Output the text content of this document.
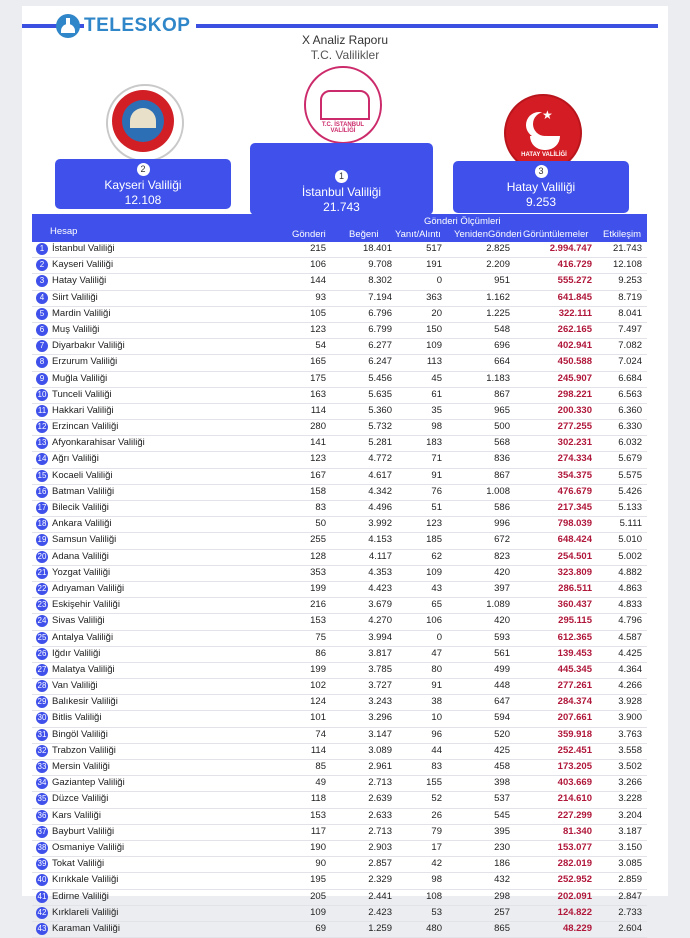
TELESKOP
X Analiz Raporu
T.C. Valilikler
T.C. İSTANBUL VALİLİĞİ
★
HATAY VALİLİĞİ
2
Kayseri Valiliği
12.108
1
İstanbul Valiliği
21.743
3
Hatay Valiliği
9.253
Hesap
Gönderi Ölçümleri
Gönderi Beğeni Yanıt/Alıntı YenidenGönderi Görüntülemeler Etkileşim
1 İstanbul Valiliği	215	18.401	517	2.825	2.994.747	21.743
2 Kayseri Valiliği	106	9.708	191	2.209	416.729	12.108
3 Hatay Valiliği	144	8.302	0	951	555.272	9.253
4 Siirt Valiliği	93	7.194	363	1.162	641.845	8.719
5 Mardin Valiliği	105	6.796	20	1.225	322.111	8.041
6 Muş Valiliği	123	6.799	150	548	262.165	7.497
7 Diyarbakır Valiliği	54	6.277	109	696	402.941	7.082
8 Erzurum Valiliği	165	6.247	113	664	450.588	7.024
9 Muğla Valiliği	175	5.456	45	1.183	245.907	6.684
10 Tunceli Valiliği	163	5.635	61	867	298.221	6.563
11 Hakkari Valiliği	114	5.360	35	965	200.330	6.360
12 Erzincan Valiliği	280	5.732	98	500	277.255	6.330
13 Afyonkarahisar Valiliği	141	5.281	183	568	302.231	6.032
14 Ağrı Valiliği	123	4.772	71	836	274.334	5.679
15 Kocaeli Valiliği	167	4.617	91	867	354.375	5.575
16 Batman Valiliği	158	4.342	76	1.008	476.679	5.426
17 Bilecik Valiliği	83	4.496	51	586	217.345	5.133
18 Ankara Valiliği	50	3.992	123	996	798.039	5.111
19 Samsun Valiliği	255	4.153	185	672	648.424	5.010
20 Adana Valiliği	128	4.117	62	823	254.501	5.002
21 Yozgat Valiliği	353	4.353	109	420	323.809	4.882
22 Adıyaman Valiliği	199	4.423	43	397	286.511	4.863
23 Eskişehir Valiliği	216	3.679	65	1.089	360.437	4.833
24 Sivas Valiliği	153	4.270	106	420	295.115	4.796
25 Antalya Valiliği	75	3.994	0	593	612.365	4.587
26 Iğdır Valiliği	86	3.817	47	561	139.453	4.425
27 Malatya Valiliği	199	3.785	80	499	445.345	4.364
28 Van Valiliği	102	3.727	91	448	277.261	4.266
29 Balıkesir Valiliği	124	3.243	38	647	284.374	3.928
30 Bitlis Valiliği	101	3.296	10	594	207.661	3.900
31 Bingöl Valiliği	74	3.147	96	520	359.918	3.763
32 Trabzon Valiliği	114	3.089	44	425	252.451	3.558
33 Mersin Valiliği	85	2.961	83	458	173.205	3.502
34 Gaziantep Valiliği	49	2.713	155	398	403.669	3.266
35 Düzce Valiliği	118	2.639	52	537	214.610	3.228
36 Kars Valiliği	153	2.633	26	545	227.299	3.204
37 Bayburt Valiliği	117	2.713	79	395	81.340	3.187
38 Osmaniye Valiliği	190	2.903	17	230	153.077	3.150
39 Tokat Valiliği	90	2.857	42	186	282.019	3.085
40 Kırıkkale Valiliği	195	2.329	98	432	252.952	2.859
41 Edirne Valiliği	205	2.441	108	298	202.091	2.847
42 Kırklareli Valiliği	109	2.423	53	257	124.822	2.733
43 Karaman Valiliği	69	1.259	480	865	48.229	2.604
